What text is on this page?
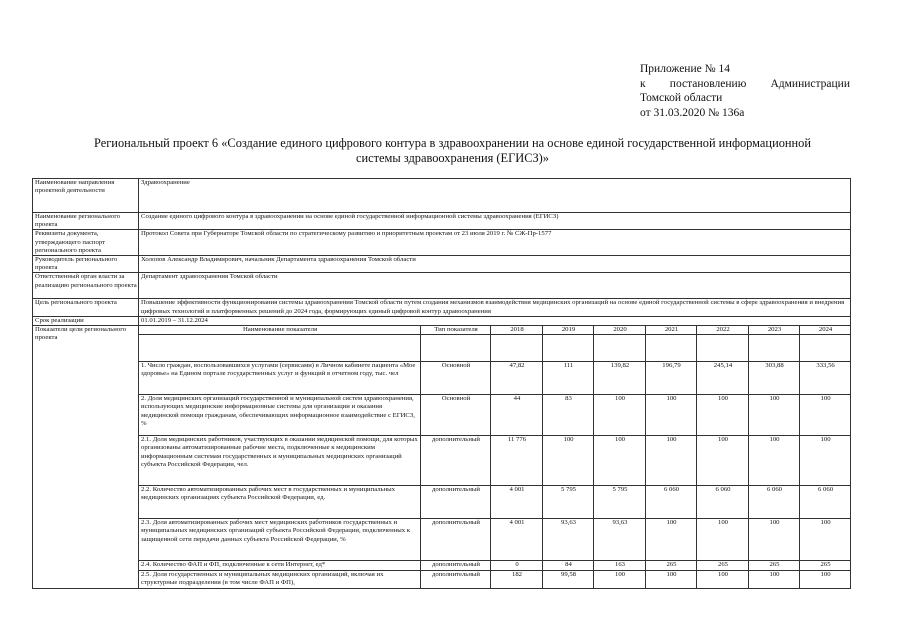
Приложение № 14
к постановлению Администрации
Томской области
от 31.03.2020 № 136а
Региональный проект 6 «Создание единого цифрового контура в здравоохранении на основе единой государственной информационной
системы здравоохранения (ЕГИСЗ)»
Наименование направления проектной деятельности	Здравоохранение								
Наименование регионального проекта	Создание единого цифрового контура в здравоохранении на основе единой государственной информационной системы здравоохранения (ЕГИСЗ)								
Реквизиты документа, утверждающего паспорт регионального проекта	Протокол Совета при Губернаторе Томской области по стратегическому развитию и приоритетным проектам от 23 июля 2019 г. № СЖ-Пр-1577								
Руководитель регионального проекта	Холопов Александр Владимирович, начальник Департамента здравоохранения Томской области								
Ответственный орган власти за реализацию регионального проекта	Департамент здравоохранения Томской области								
Цель регионального проекта	Повышение эффективности функционирования системы здравоохранения Томской области путем создания механизмов взаимодействия медицинских организаций на основе единой государственной системы в сфере здравоохранения и внедрения цифровых технологий и платформенных решений до 2024 года, формирующих единый цифровой контур здравоохранения								
Срок реализации	01.01.2019 – 31.12.2024								
Показатели цели регионального проекта	Наименование показателя	Тип показателя	2018	2019	2020	2021	2022	2023	2024

	1. Число граждан, воспользовавшихся услугами (сервисами) в Личном кабинете пациента «Мое здоровье» на Едином портале государственных услуг и функций в отчетном году, тыс. чел	Основной	47,82	111	139,82	196,79	245,14	303,88	333,56
	2. Доля медицинских организаций государственной и муниципальной систем здравоохранения, использующих медицинские информационные системы для организации и оказания медицинской помощи гражданам, обеспечивающих информационное взаимодействие с ЕГИСЗ, %	Основной	44	83	100	100	100	100	100
	2.1. Доля медицинских работников, участвующих в оказании медицинской помощи, для которых организованы автоматизированные рабочие места, подключенные к медицинским информационным системам государственных и муниципальных медицинских организаций субъекта Российской Федерации, чел.	дополнительный	11 776	100	100	100	100	100	100
	2.2. Количество автоматизированных рабочих мест в государственных и муниципальных медицинских организациях субъекта Российской Федерации, ед.	дополнительный	4 001	5 795	5 795	6 060	6 060	6 060	6 060
	2.3. Доля автоматизированных рабочих мест медицинских работников государственных и муниципальных медицинских организаций субъекта Российской Федерации, подключенных к защищенной сети передачи данных субъекта Российской Федерации, %	дополнительный	4 001	93,63	93,63	100	100	100	100
	2.4. Количество ФАП и ФП, подключенные к сети Интернет, ед*	дополнительный	0	84	163	265	265	265	265
	2.5. Доля государственных и муниципальных медицинских организаций, включая их структурные подразделения (в том числе ФАП и ФП),	дополнительный	182	99,58	100	100	100	100	100
